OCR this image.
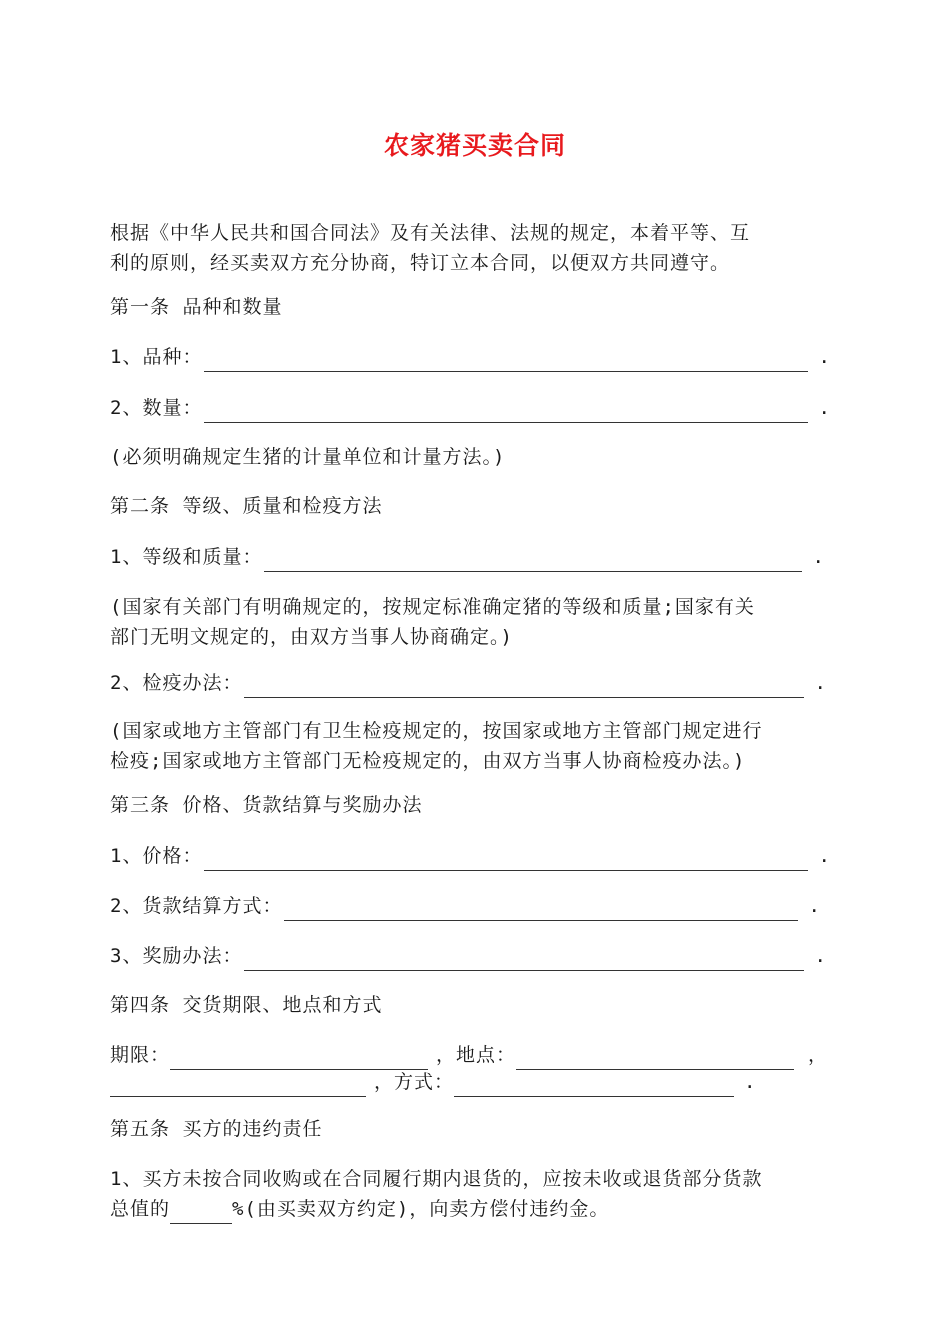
农家猪买卖合同
根据《中华人民共和国合同法》及有关法律、法规的规定，本着平等、互
利的原则，经买卖双方充分协商，特订立本合同，以便双方共同遵守。
第一条 品种和数量
1、品种：	.
2、数量：	.
(必须明确规定生猪的计量单位和计量方法。)
第二条 等级、质量和检疫方法
1、等级和质量：	.
(国家有关部门有明确规定的，按规定标准确定猪的等级和质量;国家有关
部门无明文规定的，由双方当事人协商确定。)
2、检疫办法：	.
(国家或地方主管部门有卫生检疫规定的，按国家或地方主管部门规定进行
检疫;国家或地方主管部门无检疫规定的，由双方当事人协商检疫办法。)
第三条 价格、货款结算与奖励办法
1、价格：	.
2、货款结算方式：	.
3、奖励办法：	.
第四条 交货期限、地点和方式
期限：	，地点：	，
，方式：	.
第五条 买方的违约责任
1、买方未按合同收购或在合同履行期内退货的，应按未收或退货部分货款
总值的	%(由买卖双方约定)，向卖方偿付违约金。
